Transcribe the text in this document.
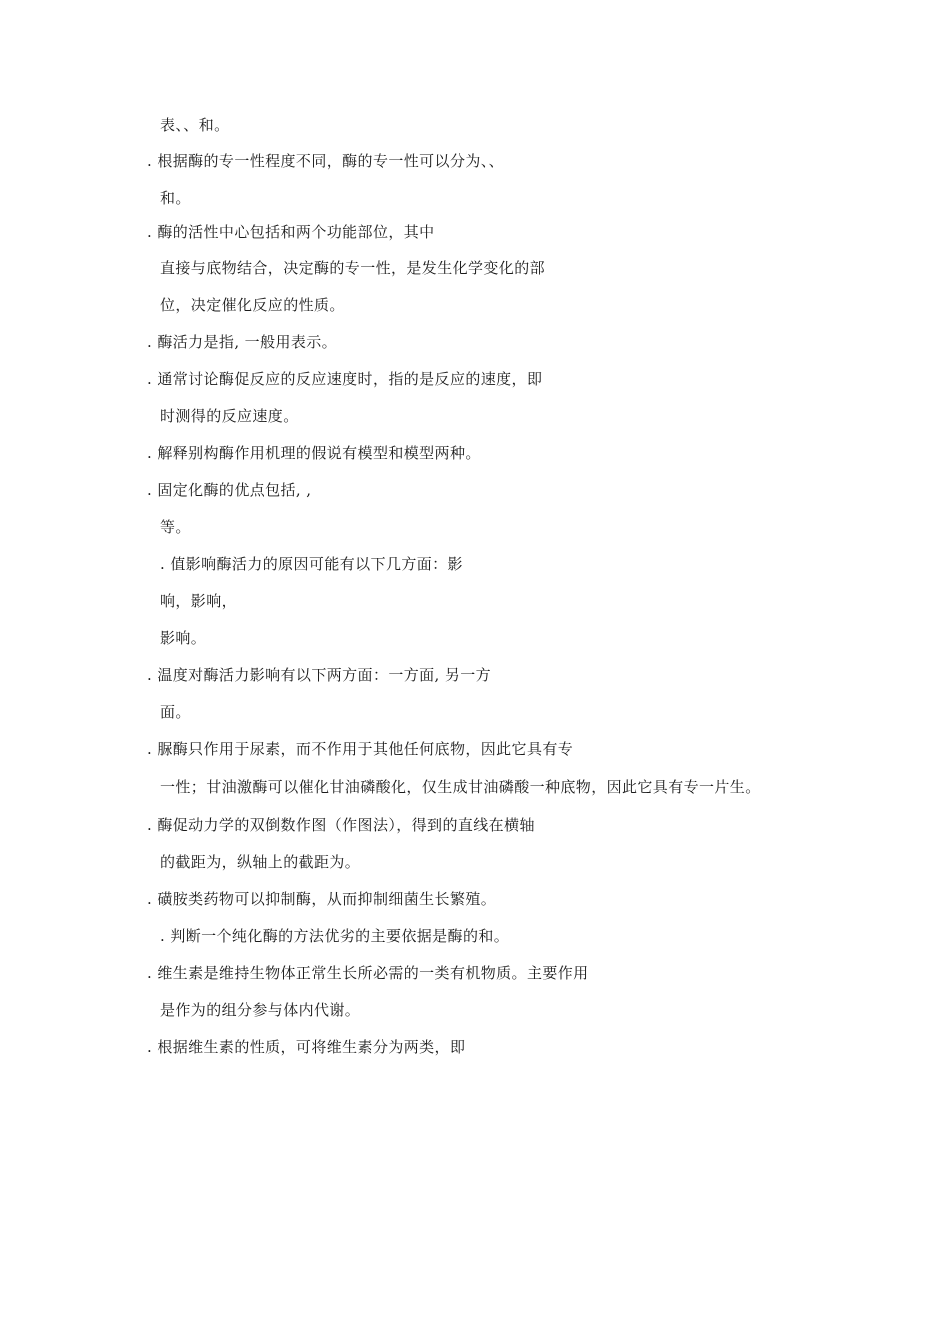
表、、和。
. 根据酶的专一性程度不同，酶的专一性可以分为、、
和。
. 酶的活性中心包括和两个功能部位，其中
直接与底物结合，决定酶的专一性，是发生化学变化的部
位，决定催化反应的性质。
. 酶活力是指, 一般用表示。
. 通常讨论酶促反应的反应速度时，指的是反应的速度，即
时测得的反应速度。
. 解释别构酶作用机理的假说有模型和模型两种。
. 固定化酶的优点包括, ,
等。
. 值影响酶活力的原因可能有以下几方面：影
响，影响，
影响。
. 温度对酶活力影响有以下两方面：一方面, 另一方
面。
. 脲酶只作用于尿素，而不作用于其他任何底物，因此它具有专
一性；甘油激酶可以催化甘油磷酸化，仅生成甘油磷酸一种底物，因此它具有专一片生。
. 酶促动力学的双倒数作图（作图法），得到的直线在横轴
的截距为，纵轴上的截距为。
. 磺胺类药物可以抑制酶，从而抑制细菌生长繁殖。
. 判断一个纯化酶的方法优劣的主要依据是酶的和。
. 维生素是维持生物体正常生长所必需的一类有机物质。主要作用
是作为的组分参与体内代谢。
. 根据维生素的性质，可将维生素分为两类，即
